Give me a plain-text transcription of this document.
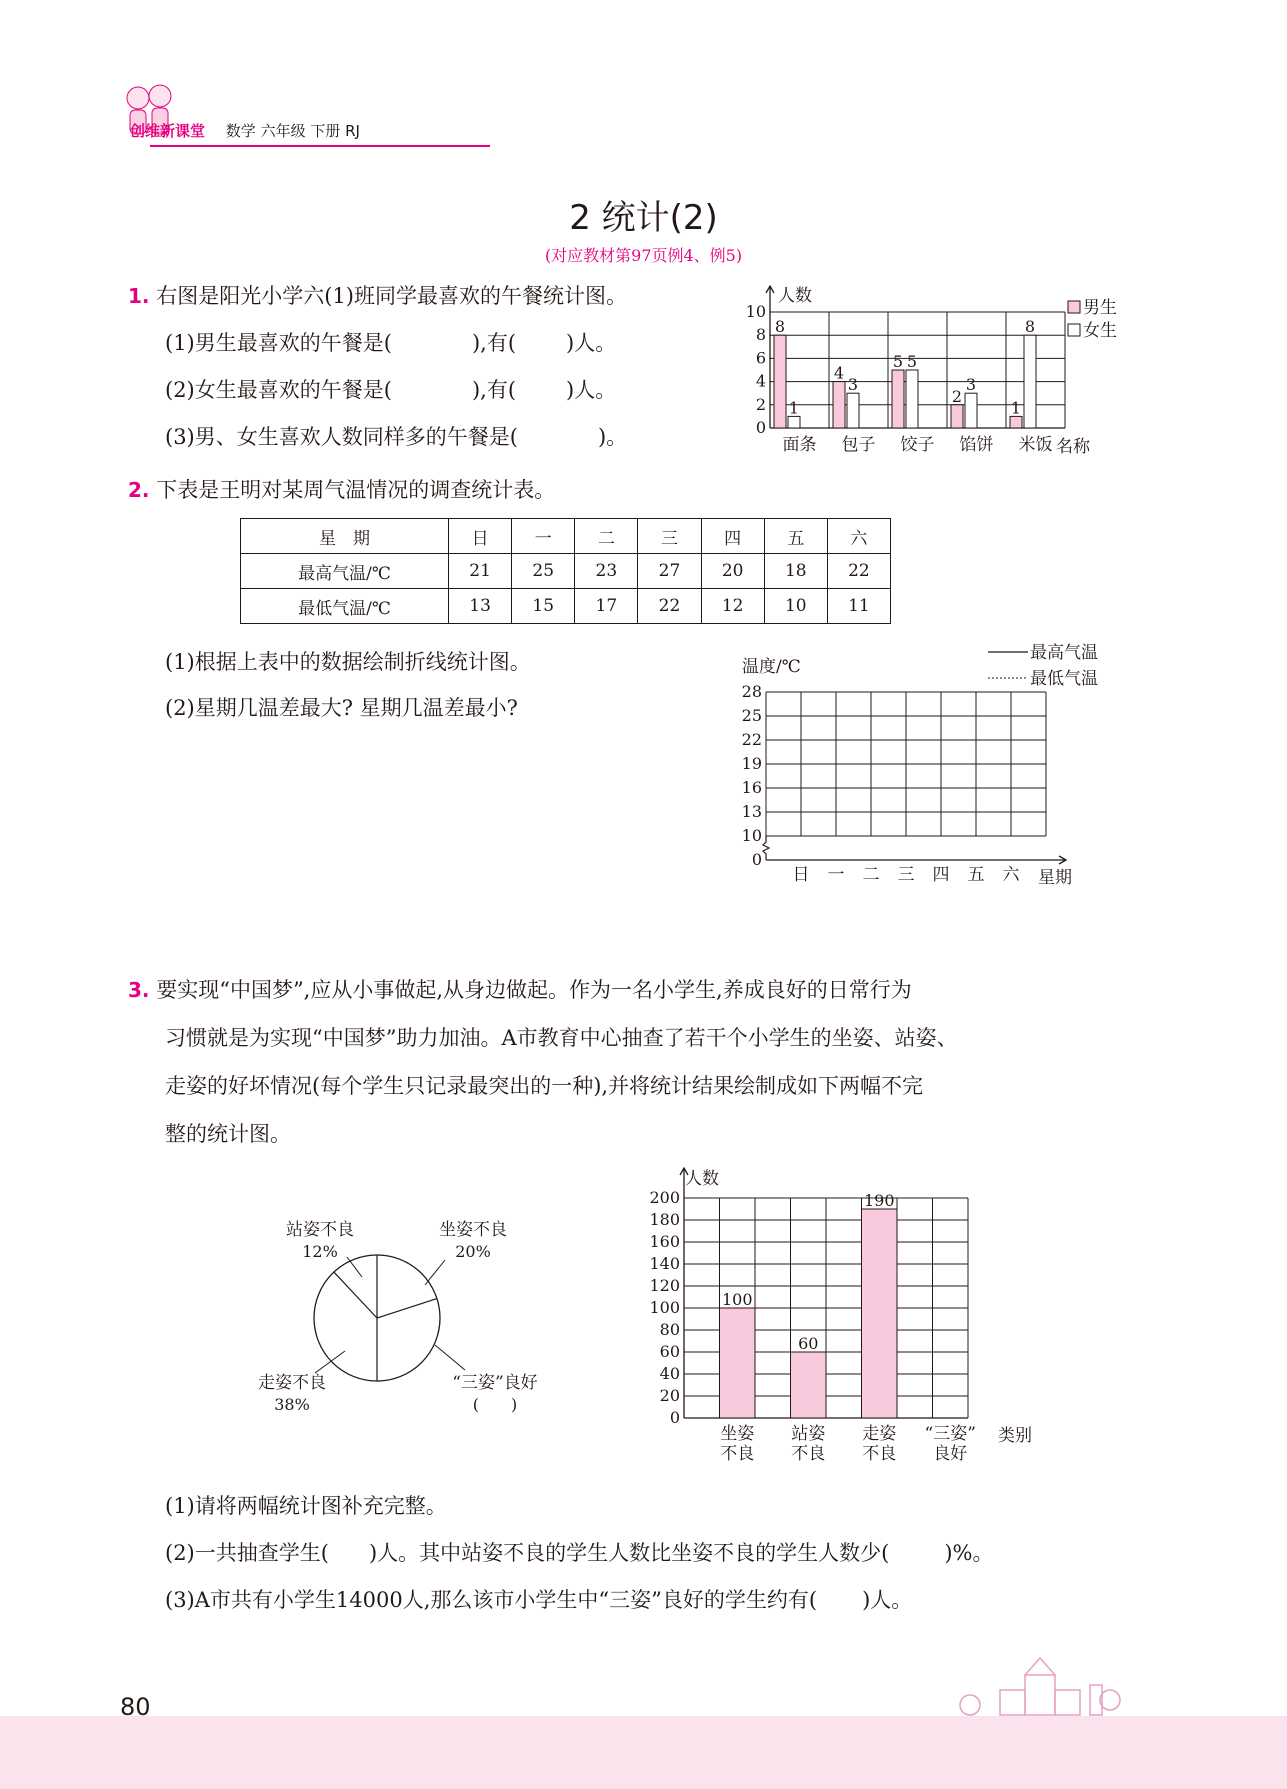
创维新课堂 数学 六年级 下册 RJ
2 统计(2)
(对应教材第97页例4、例5)
1. 右图是阳光小学六(1)班同学最喜欢的午餐统计图。
(1)男生最喜欢的午餐是(	),有( )人。
(2)女生最喜欢的午餐是(	),有( )人。
(3)男、女生喜欢人数同样多的午餐是(	)。
8
4
5
2
1
1
3
5
3
8
0
2
4
6
8
10
面条 包子 饺子 馅饼 米饭
人数
名称
男生
女生
2. 下表是王明对某周气温情况的调查统计表。
星　期	日	一	二	三	四	五	六
最高气温/℃	21	25	23	27	20	18	22
最低气温/℃	13	15	17	22	12	10	11
(1)根据上表中的数据绘制折线统计图。
(2)星期几温差最大? 星期几温差最小?
28
25
22
19
16
13
10
0
日 一 二 三 四 五 六
温度/℃
星期
最高气温
最低气温
3. 要实现“中国梦”,应从小事做起,从身边做起。作为一名小学生,养成良好的日常行为
习惯就是为实现“中国梦”助力加油。A市教育中心抽查了若干个小学生的坐姿、站姿、
走姿的好坏情况(每个学生只记录最突出的一种),并将统计结果绘制成如下两幅不完
整的统计图。
站姿不良
12%
坐姿不良
20%
“三姿”良好
(　　)
走姿不良
38%
100
60
190
0
20
40
60
80
100
120
140
160
180
200
坐姿
不良
站姿
不良
走姿
不良
“三姿”
良好
人数
类别
(1)请将两幅统计图补充完整。
(2)一共抽查学生( )人。其中站姿不良的学生人数比坐姿不良的学生人数少(	)%。
(3)A市共有小学生14000人,那么该市小学生中“三姿”良好的学生约有( )人。
80
